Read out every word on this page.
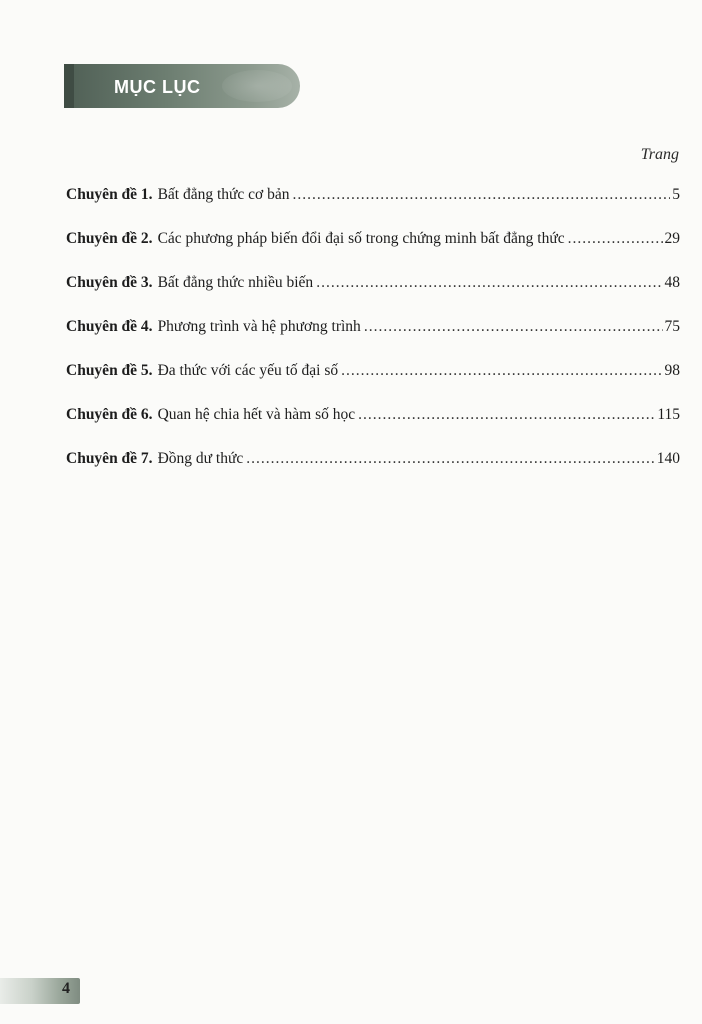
MỤC LỤC
Trang
Chuyên đề 1. Bất đẳng thức cơ bản .....	5
Chuyên đề 2. Các phương pháp biến đổi đại số trong chứng minh bất đẳng thức .....	29
Chuyên đề 3. Bất đẳng thức nhiều biến .....	48
Chuyên đề 4. Phương trình và hệ phương trình .....	75
Chuyên đề 5. Đa thức với các yếu tố đại số .....	98
Chuyên đề 6. Quan hệ chia hết và hàm số học .....	115
Chuyên đề 7. Đồng dư thức .....	140
4
